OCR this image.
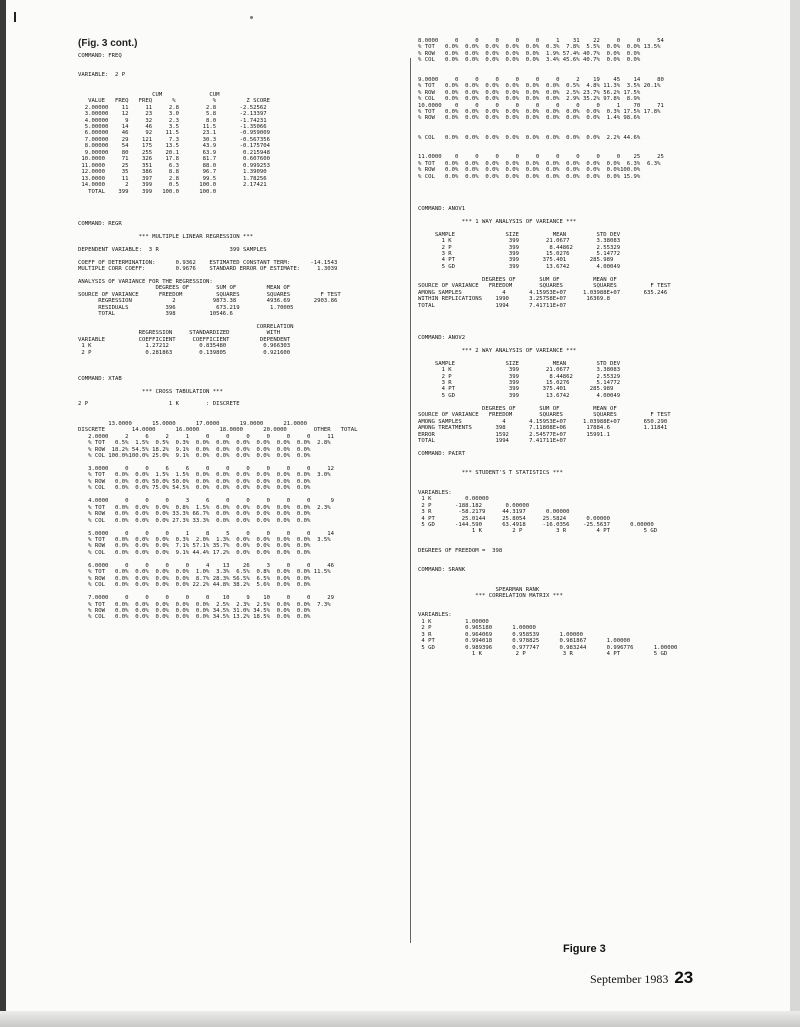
(Fig. 3 cont.)
COMMAND: FREQ

VARIABLE:  2 P

CUM              CUM
VALUE   FREQ   FREQ      %           %         Z SCORE
2.00000    11     11     2.8        2.8       -2.52562
3.00000    12     23     3.0        5.8       -2.13397
4.00000     9     32     2.3        8.0       -1.74231
5.00000    14     46     3.5       11.5       -1.35066
6.00000    46     92    11.5       23.1       -0.959009
7.00000    29    121     7.3       30.3       -0.567356
8.00000    54    175    13.5       43.9       -0.175704
9.00000    80    255    20.1       63.9        0.215948
10.0000     71    326    17.8       81.7        0.607600
11.0000     25    351     6.3       88.0        0.999253
12.0000     35    386     8.8       96.7        1.39090
13.0000     11    397     2.8       99.5        1.78256
14.0000      2    399     0.5      100.0        2.17421
TOTAL    399    399   100.0      100.0

COMMAND: REGR

*** MULTIPLE LINEAR REGRESSION ***

DEPENDENT VARIABLE:  3 R                     399 SAMPLES

COEFF OF DETERMINATION:      0.9362    ESTIMATED CONSTANT TERM:      -14.1543
MULTIPLE CORR COEFF:         0.9676    STANDARD ERROR OF ESTIMATE:     1.3039

ANALYSIS OF VARIANCE FOR THE REGRESSION:
DEGREES OF        SUM OF         MEAN OF
SOURCE OF VARIANCE      FREEDOM          SQUARES        SQUARES         F TEST
REGRESSION            2           9873.38         4936.69       2903.86
RESIDUALS           396            673.219         1.70005
TOTAL               398          10546.6

CORRELATION
REGRESSION     STANDARDIZED           WITH
VARIABLE          COEFFICIENT     COEFFICIENT         DEPENDENT
1 K                1.27212         0.835480           0.966303
2 P                0.281863        0.139805           0.921600

COMMAND: XTAB

*** CROSS TABULATION ***

2 P                        1 K        : DISCRETE

13.0000      15.0000      17.0000      19.0000      21.0000
DISCRETE        14.0000      16.0000      18.0000      20.0000        OTHER   TOTAL
2.0000     2     6     2     1     0     0     0     0     0     0     11
% TOT   0.5%  1.5%  0.5%  0.3%  0.0%  0.0%  0.0%  0.0%  0.0%  0.0%  2.8%
% ROW  18.2% 54.5% 18.2%  9.1%  0.0%  0.0%  0.0%  0.0%  0.0%  0.0%
% COL 100.0%100.0% 25.0%  9.1%  0.0%  0.0%  0.0%  0.0%  0.0%  0.0%

3.0000     0     0     6     6     0     0     0     0     0     0     12
% TOT   0.0%  0.0%  1.5%  1.5%  0.0%  0.0%  0.0%  0.0%  0.0%  0.0%  3.0%
% ROW   0.0%  0.0% 50.0% 50.0%  0.0%  0.0%  0.0%  0.0%  0.0%  0.0%
% COL   0.0%  0.0% 75.0% 54.5%  0.0%  0.0%  0.0%  0.0%  0.0%  0.0%

4.0000     0     0     0     3     6     0     0     0     0     0      9
% TOT   0.0%  0.0%  0.0%  0.8%  1.5%  0.0%  0.0%  0.0%  0.0%  0.0%  2.3%
% ROW   0.0%  0.0%  0.0% 33.3% 66.7%  0.0%  0.0%  0.0%  0.0%  0.0%
% COL   0.0%  0.0%  0.0% 27.3% 33.3%  0.0%  0.0%  0.0%  0.0%  0.0%

5.0000     0     0     0     1     8     5     0     0     0     0     14
% TOT   0.0%  0.0%  0.0%  0.3%  2.0%  1.3%  0.0%  0.0%  0.0%  0.0%  3.5%
% ROW   0.0%  0.0%  0.0%  7.1% 57.1% 35.7%  0.0%  0.0%  0.0%  0.0%
% COL   0.0%  0.0%  0.0%  9.1% 44.4% 17.2%  0.0%  0.0%  0.0%  0.0%

6.0000     0     0     0     0     4    13    26     3     0     0     46
% TOT   0.0%  0.0%  0.0%  0.0%  1.0%  3.3%  6.5%  0.8%  0.0%  0.0% 11.5%
% ROW   0.0%  0.0%  0.0%  0.0%  8.7% 28.3% 56.5%  6.5%  0.0%  0.0%
% COL   0.0%  0.0%  0.0%  0.0% 22.2% 44.8% 38.2%  5.6%  0.0%  0.0%

7.0000     0     0     0     0     0    10     9    10     0     0     29
% TOT   0.0%  0.0%  0.0%  0.0%  0.0%  2.5%  2.3%  2.5%  0.0%  0.0%  7.3%
% ROW   0.0%  0.0%  0.0%  0.0%  0.0% 34.5% 31.0% 34.5%  0.0%  0.0%
% COL   0.0%  0.0%  0.0%  0.0%  0.0% 34.5% 13.2% 18.5%  0.0%  0.0%
8.0000     0     0     0     0     0     1    31    22     0     0     54
% TOT   0.0%  0.0%  0.0%  0.0%  0.0%  0.3%  7.8%  5.5%  0.0%  0.0% 13.5%
% ROW   0.0%  0.0%  0.0%  0.0%  0.0%  1.9% 57.4% 40.7%  0.0%  0.0%
% COL   0.0%  0.0%  0.0%  0.0%  0.0%  3.4% 45.6% 40.7%  0.0%  0.0%

9.0000     0     0     0     0     0     0     2    19    45    14     80
% TOT   0.0%  0.0%  0.0%  0.0%  0.0%  0.0%  0.5%  4.8% 11.3%  3.5% 20.1%
% ROW   0.0%  0.0%  0.0%  0.0%  0.0%  0.0%  2.5% 23.7% 56.2% 17.5%
% COL   0.0%  0.0%  0.0%  0.0%  0.0%  0.0%  2.9% 35.2% 97.8%  8.9%
10.0000    0     0     0     0     0     0     0     0     1    70     71
% TOT   0.0%  0.0%  0.0%  0.0%  0.0%  0.0%  0.0%  0.0%  0.3% 17.5% 17.8%
% ROW   0.0%  0.0%  0.0%  0.0%  0.0%  0.0%  0.0%  0.0%  1.4% 98.6%

% COL   0.0%  0.0%  0.0%  0.0%  0.0%  0.0%  0.0%  0.0%  2.2% 44.6%

11.0000    0     0     0     0     0     0     0     0     0    25     25
% TOT   0.0%  0.0%  0.0%  0.0%  0.0%  0.0%  0.0%  0.0%  0.0%  6.3%  6.3%
% ROW   0.0%  0.0%  0.0%  0.0%  0.0%  0.0%  0.0%  0.0%  0.0%100.0%
% COL   0.0%  0.0%  0.0%  0.0%  0.0%  0.0%  0.0%  0.0%  0.0% 15.9%

COMMAND: ANOV1

*** 1 WAY ANALYSIS OF VARIANCE ***

SAMPLE               SIZE          MEAN         STD DEV
1 K                 399        21.0677        3.38083
2 P                 399         8.44862       2.55329
3 R                 399        15.0276        5.14772
4 PT                399       375.401       285.989
5 GD                399        13.6742        4.00049

DEGREES OF       SUM OF          MEAN OF
SOURCE OF VARIANCE   FREEDOM        SQUARES         SQUARES          F TEST
AMONG SAMPLES            4       4.15953E+07     1.03988E+07       635.246
WITHIN REPLICATIONS    1990      3.25758E+07      16369.8
TOTAL                  1994      7.41711E+07

COMMAND: ANOV2

*** 2 WAY ANALYSIS OF VARIANCE ***

SAMPLE               SIZE          MEAN         STD DEV
1 K                 399        21.0677        3.38083
2 P                 399         8.44862       2.55329
3 R                 399        15.0276        5.14772
4 PT                399       375.401       285.989
5 GD                399        13.6742        4.00049

DEGREES OF       SUM OF          MEAN OF
SOURCE OF VARIANCE   FREEDOM        SQUARES         SQUARES          F TEST
AMONG SAMPLES            4       4.15953E+07     1.03988E+07       650.290
AMONG TREATMENTS       398       7.11808E+06      17884.6          1.11841
ERROR                  1592      2.54577E+07      15991.1
TOTAL                  1994      7.41711E+07

COMMAND: PAIRT

*** STUDENT'S T STATISTICS ***

VARIABLES:
1 K          0.00000
2 P       -188.182       0.00000
3 R        -58.2179     44.3197      0.00000
4 PT        25.0144     25.8054     25.5824      0.00000
5 GD      -144.590      63.4918     -16.0356    -25.5637      0.00000
1 K         2 P          3 R         4 PT          5 GD

DEGREES OF FREEDOM =  398

COMMAND: SRANK

SPEARMAN RANK
*** CORRELATION MATRIX ***

VARIABLES:
1 K          1.00000
2 P          0.965180      1.00000
3 R          0.964069      0.958539      1.00000
4 PT         0.994018      0.978825      0.981867      1.00000
5 GD         0.989396      0.977747      0.983244      0.996776      1.00000
1 K          2 P           3 R          4 PT          5 GD
Figure 3
September 1983 23
